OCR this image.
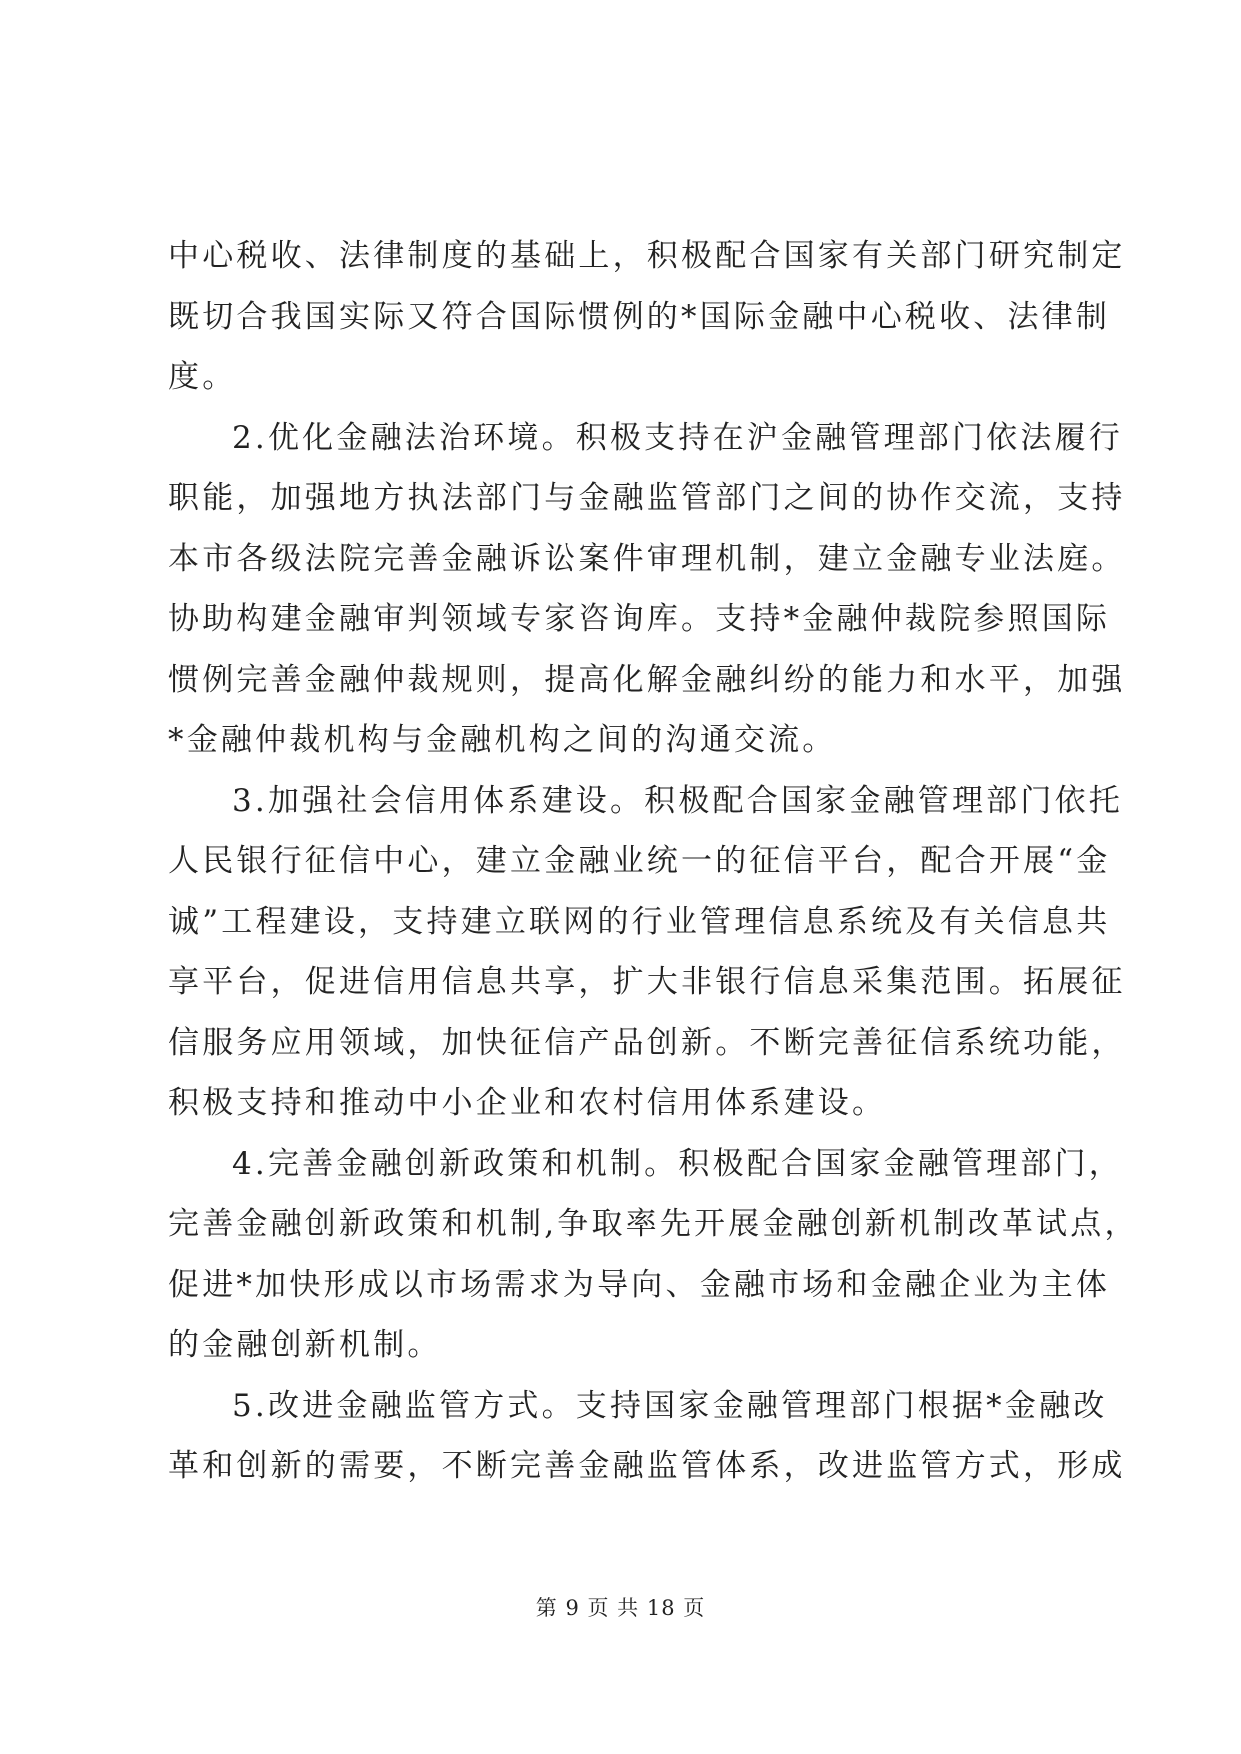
中心税收、法律制度的基础上，积极配合国家有关部门研究制定
既切合我国实际又符合国际惯例的*国际金融中心税收、法律制
度。
2.优化金融法治环境。积极支持在沪金融管理部门依法履行
职能，加强地方执法部门与金融监管部门之间的协作交流，支持
本市各级法院完善金融诉讼案件审理机制，建立金融专业法庭。
协助构建金融审判领域专家咨询库。支持*金融仲裁院参照国际
惯例完善金融仲裁规则，提高化解金融纠纷的能力和水平，加强
*金融仲裁机构与金融机构之间的沟通交流。
3.加强社会信用体系建设。积极配合国家金融管理部门依托
人民银行征信中心，建立金融业统一的征信平台，配合开展“金
诚”工程建设，支持建立联网的行业管理信息系统及有关信息共
享平台，促进信用信息共享，扩大非银行信息采集范围。拓展征
信服务应用领域，加快征信产品创新。不断完善征信系统功能，
积极支持和推动中小企业和农村信用体系建设。
4.完善金融创新政策和机制。积极配合国家金融管理部门，
完善金融创新政策和机制,争取率先开展金融创新机制改革试点，
促进*加快形成以市场需求为导向、金融市场和金融企业为主体
的金融创新机制。
5.改进金融监管方式。支持国家金融管理部门根据*金融改
革和创新的需要，不断完善金融监管体系，改进监管方式，形成
第 9 页 共 18 页
